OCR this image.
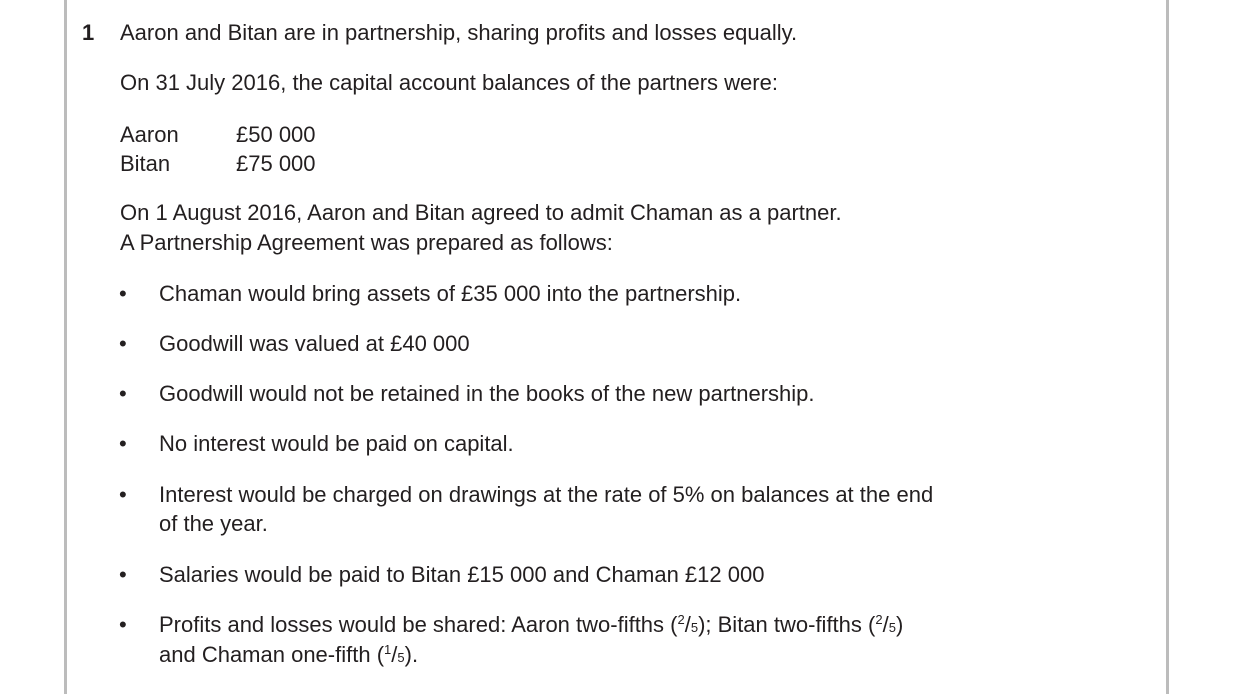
1 Aaron and Bitan are in partnership, sharing profits and losses equally.
On 31 July 2016, the capital account balances of the partners were:
Aaron	£50 000
Bitan	£75 000
On 1 August 2016, Aaron and Bitan agreed to admit Chaman as a partner.
A Partnership Agreement was prepared as follows:
• Chaman would bring assets of £35 000 into the partnership.
• Goodwill was valued at £40 000
• Goodwill would not be retained in the books of the new partnership.
• No interest would be paid on capital.
• Interest would be charged on drawings at the rate of 5% on balances at the end
of the year.
• Salaries would be paid to Bitan £15 000 and Chaman £12 000
• Profits and losses would be shared: Aaron two-fifths ($^2$/5); Bitan two-fifths ($^2$/5)
and Chaman one-fifth ($^1$/5).
